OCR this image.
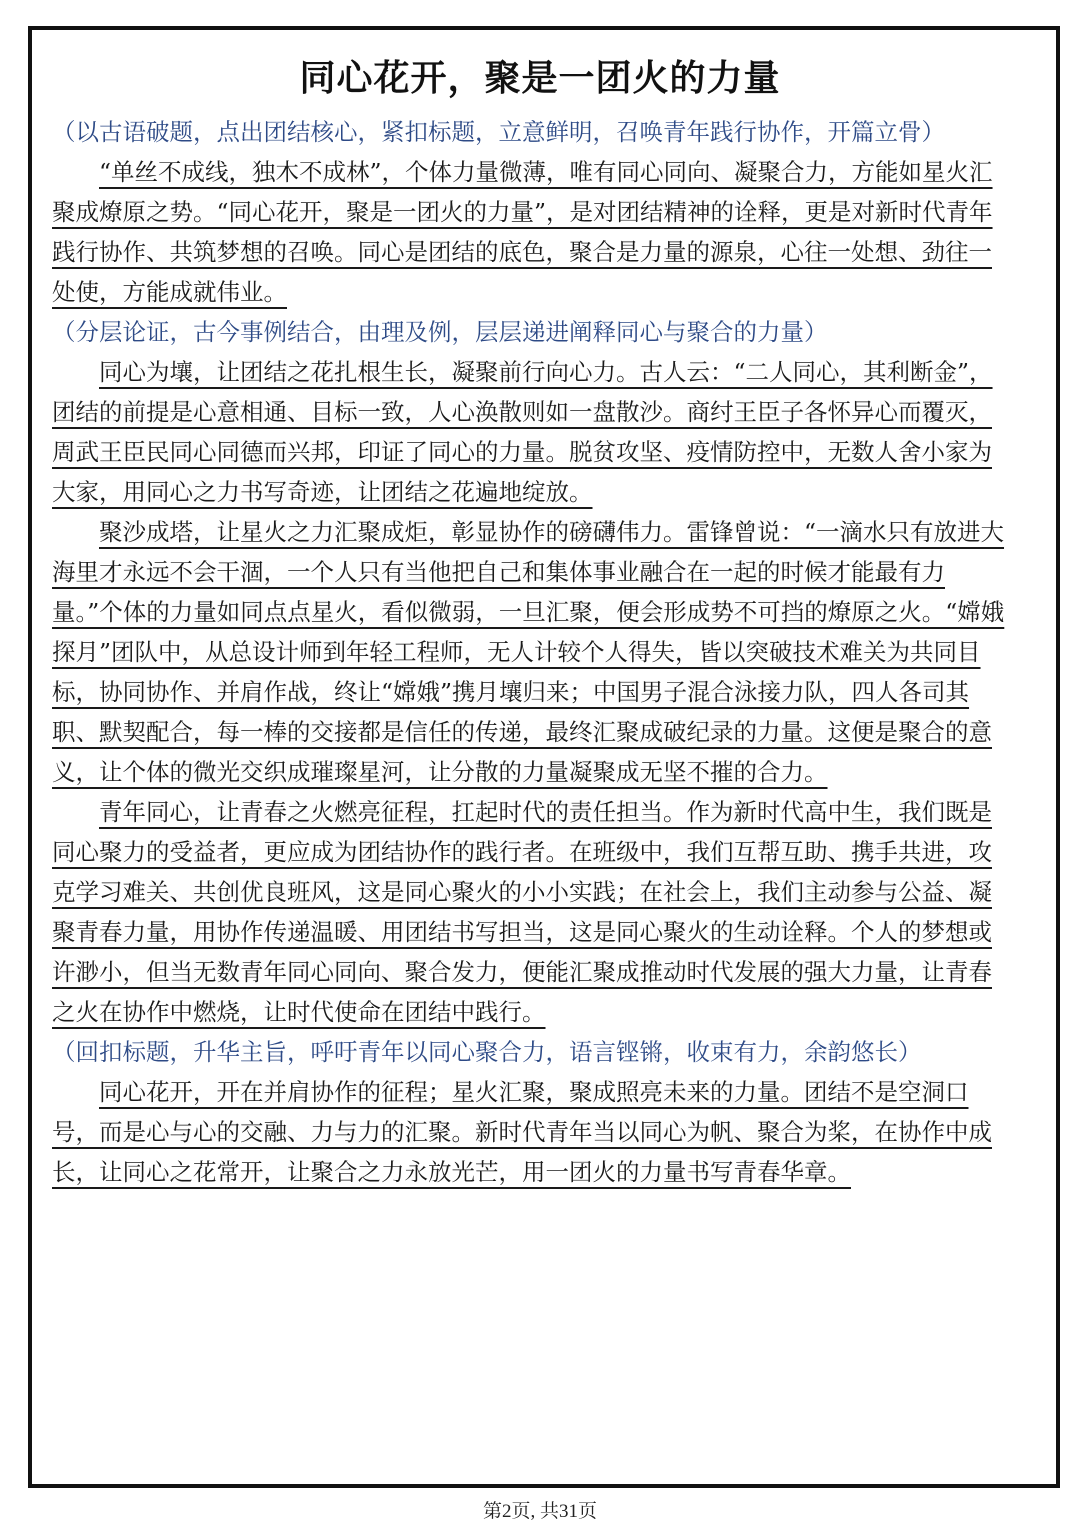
同心花开，聚是一团火的力量

（以古语破题，点出团结核心，紧扣标题，立意鲜明，召唤青年践行协作，开篇立骨）

“单丝不成线，独木不成林”，个体力量微薄，唯有同心同向、凝聚合力，方能如星火汇聚成燎原之势。“同心花开，聚是一团火的力量”，是对团结精神的诠释，更是对新时代青年践行协作、共筑梦想的召唤。同心是团结的底色，聚合是力量的源泉，心往一处想、劲往一处使，方能成就伟业。

（分层论证，古今事例结合，由理及例，层层递进阐释同心与聚合的力量）

同心为壤，让团结之花扎根生长，凝聚前行向心力。古人云：“二人同心，其利断金”，团结的前提是心意相通、目标一致，人心涣散则如一盘散沙。商纣王臣子各怀异心而覆灭，周武王臣民同心同德而兴邦，印证了同心的力量。脱贫攻坚、疫情防控中，无数人舍小家为大家，用同心之力书写奇迹，让团结之花遍地绽放。

聚沙成塔，让星火之力汇聚成炬，彰显协作的磅礴伟力。雷锋曾说：“一滴水只有放进大海里才永远不会干涸，一个人只有当他把自己和集体事业融合在一起的时候才能最有力量。”个体的力量如同点点星火，看似微弱，一旦汇聚，便会形成势不可挡的燎原之火。“嫦娥探月”团队中，从总设计师到年轻工程师，无人计较个人得失，皆以突破技术难关为共同目标，协同协作、并肩作战，终让“嫦娥”携月壤归来；中国男子混合泳接力队，四人各司其职、默契配合，每一棒的交接都是信任的传递，最终汇聚成破纪录的力量。这便是聚合的意义，让个体的微光交织成璀璨星河，让分散的力量凝聚成无坚不摧的合力。

青年同心，让青春之火燃亮征程，扛起时代的责任担当。作为新时代高中生，我们既是同心聚力的受益者，更应成为团结协作的践行者。在班级中，我们互帮互助、携手共进，攻克学习难关、共创优良班风，这是同心聚火的小小实践；在社会上，我们主动参与公益、凝聚青春力量，用协作传递温暖、用团结书写担当，这是同心聚火的生动诠释。个人的梦想或许渺小，但当无数青年同心同向、聚合发力，便能汇聚成推动时代发展的强大力量，让青春之火在协作中燃烧，让时代使命在团结中践行。

（回扣标题，升华主旨，呼吁青年以同心聚合力，语言铿锵，收束有力，余韵悠长）

同心花开，开在并肩协作的征程；星火汇聚，聚成照亮未来的力量。团结不是空洞口号，而是心与心的交融、力与力的汇聚。新时代青年当以同心为帆、聚合为桨，在协作中成长，让同心之花常开，让聚合之力永放光芒，用一团火的力量书写青春华章。

第2页, 共31页
